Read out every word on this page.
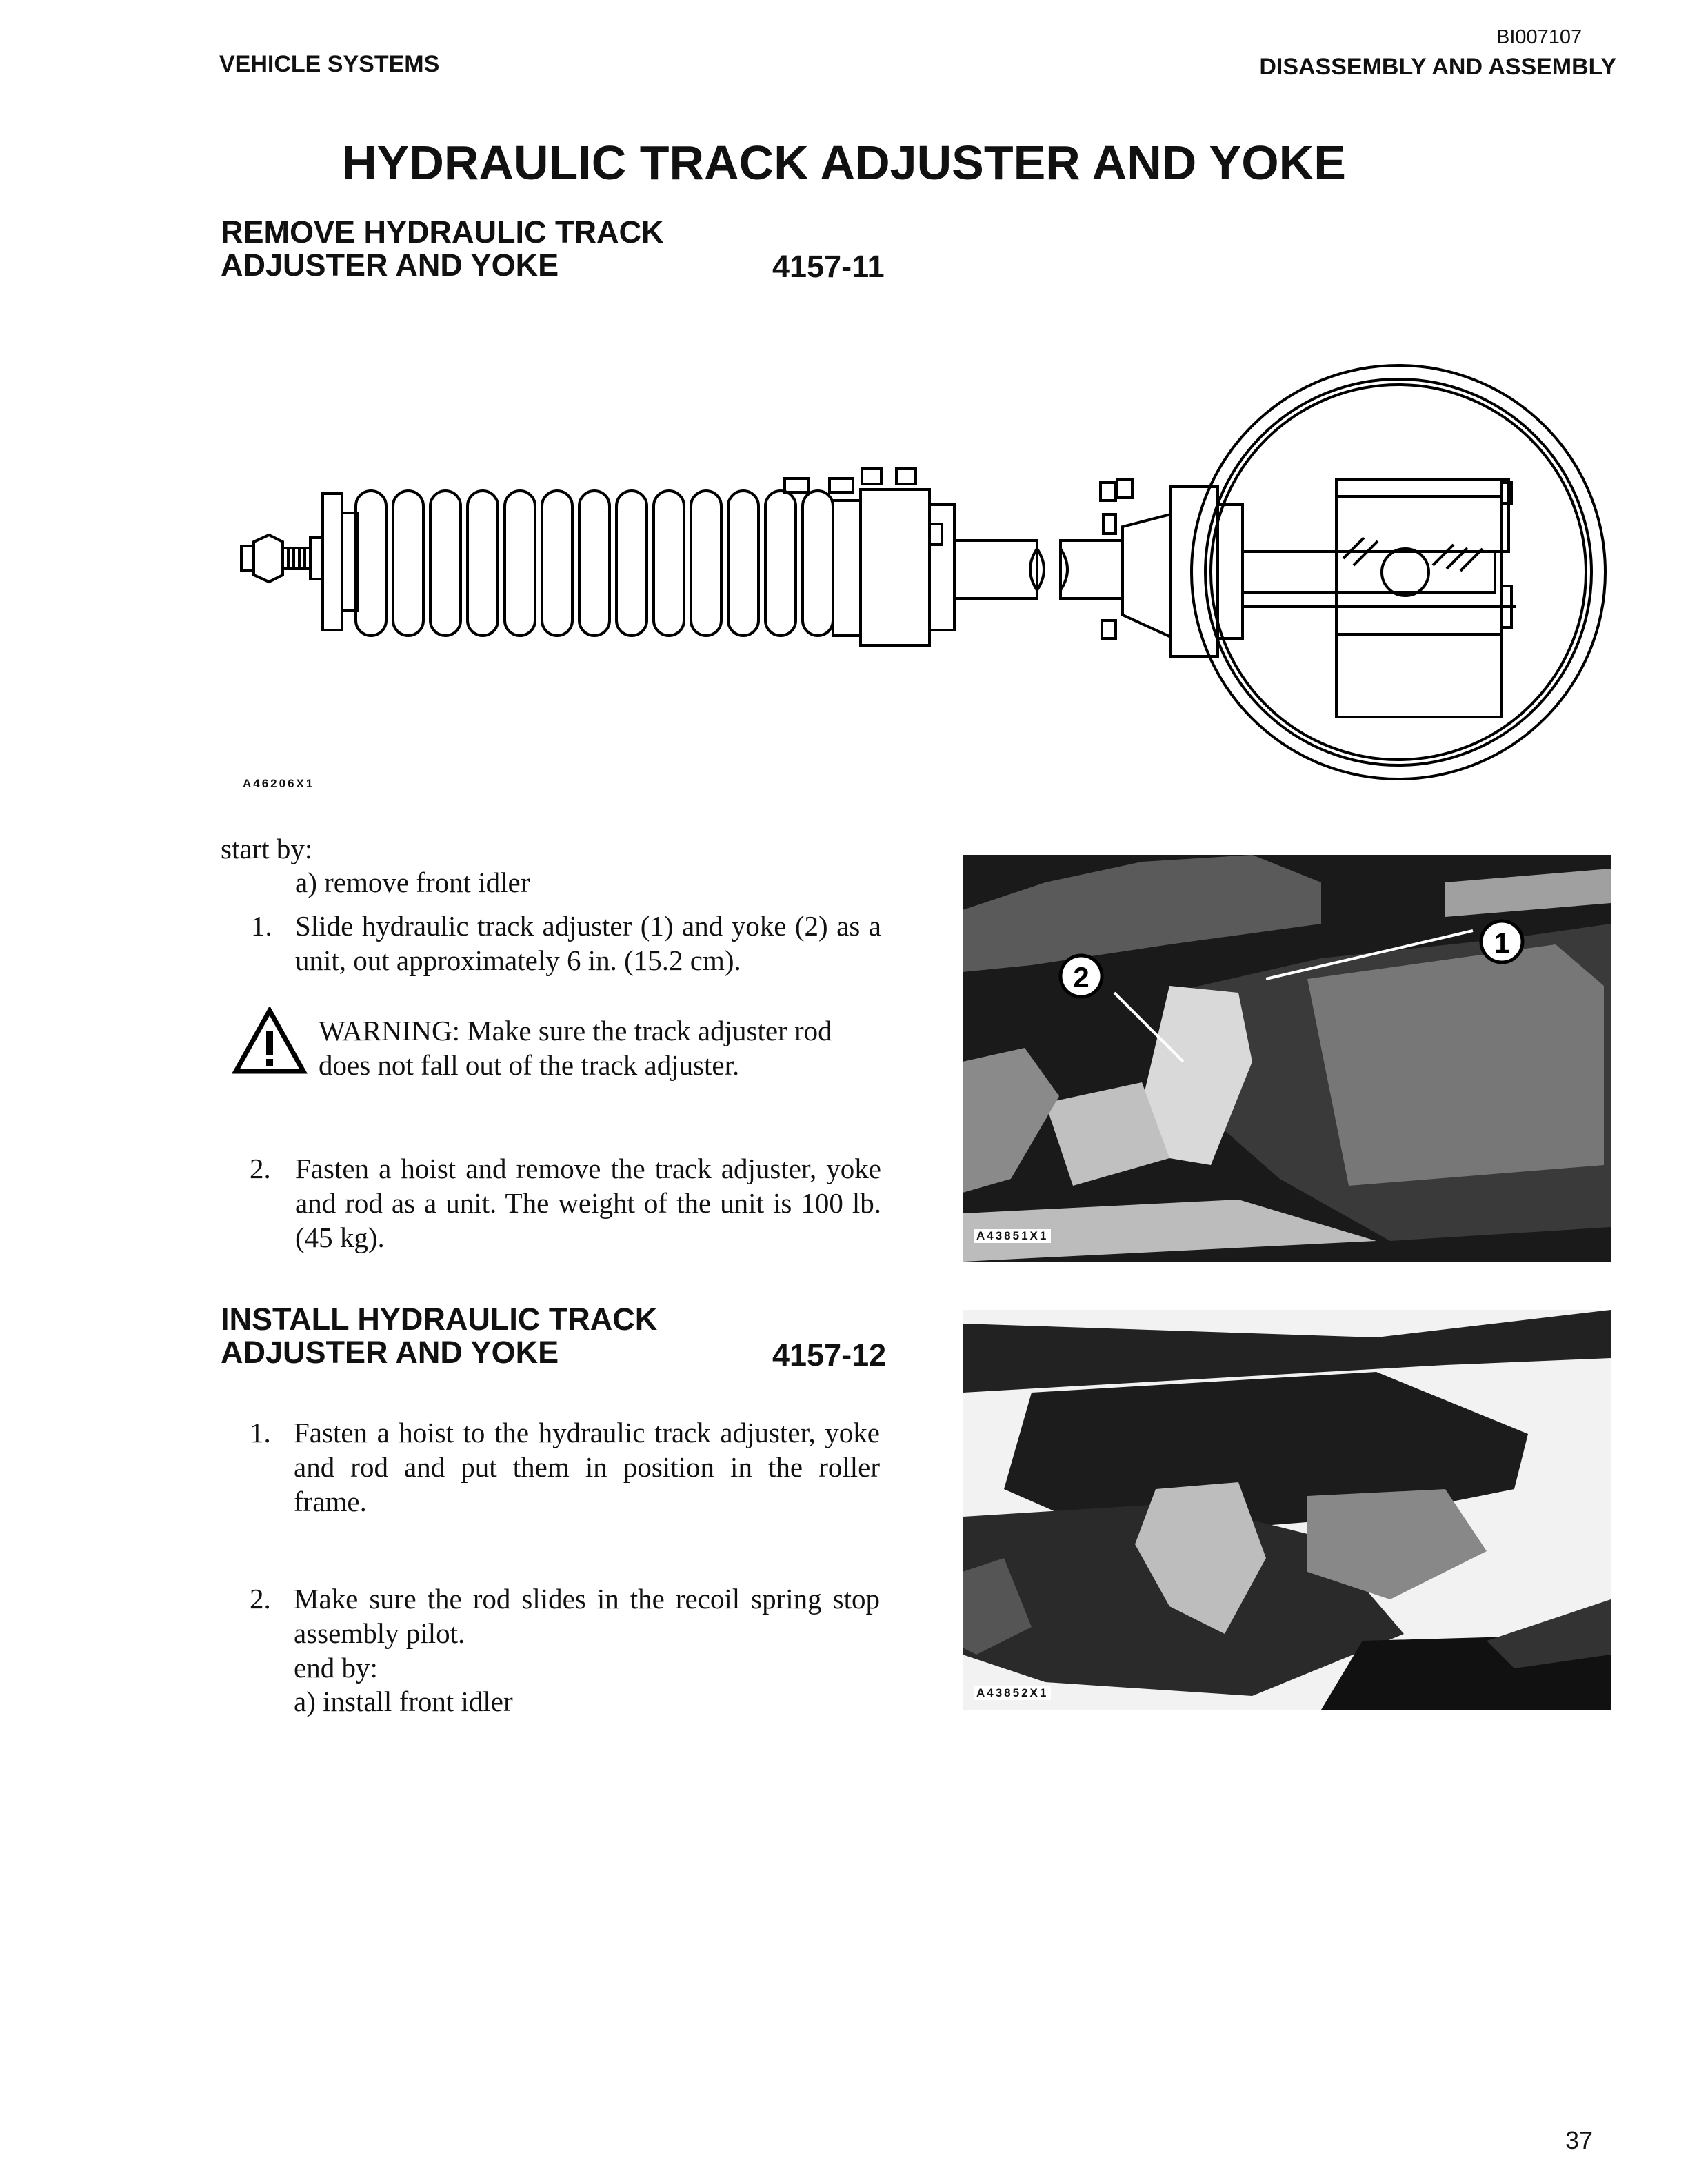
BI007107
VEHICLE SYSTEMS	DISASSEMBLY AND ASSEMBLY
HYDRAULIC TRACK ADJUSTER AND YOKE
REMOVE HYDRAULIC TRACK
ADJUSTER AND YOKE	4157-11
A46206X1
start by:
a) remove front idler
1. Slide hydraulic track adjuster (1) and yoke (2) as a unit, out approximately 6 in. (15.2 cm).
WARNING: Make sure the track adjuster rod does not fall out of the track adjuster.
2. Fasten a hoist and remove the track adjuster, yoke and rod as a unit. The weight of the unit is 100 lb. (45 kg).
2
1
A43851X1
INSTALL HYDRAULIC TRACK
ADJUSTER AND YOKE	4157-12
1. Fasten a hoist to the hydraulic track adjuster, yoke and rod and put them in position in the roller frame.
2. Make sure the rod slides in the recoil spring stop assembly pilot.
end by:
a) install front idler	A43852X1
37
